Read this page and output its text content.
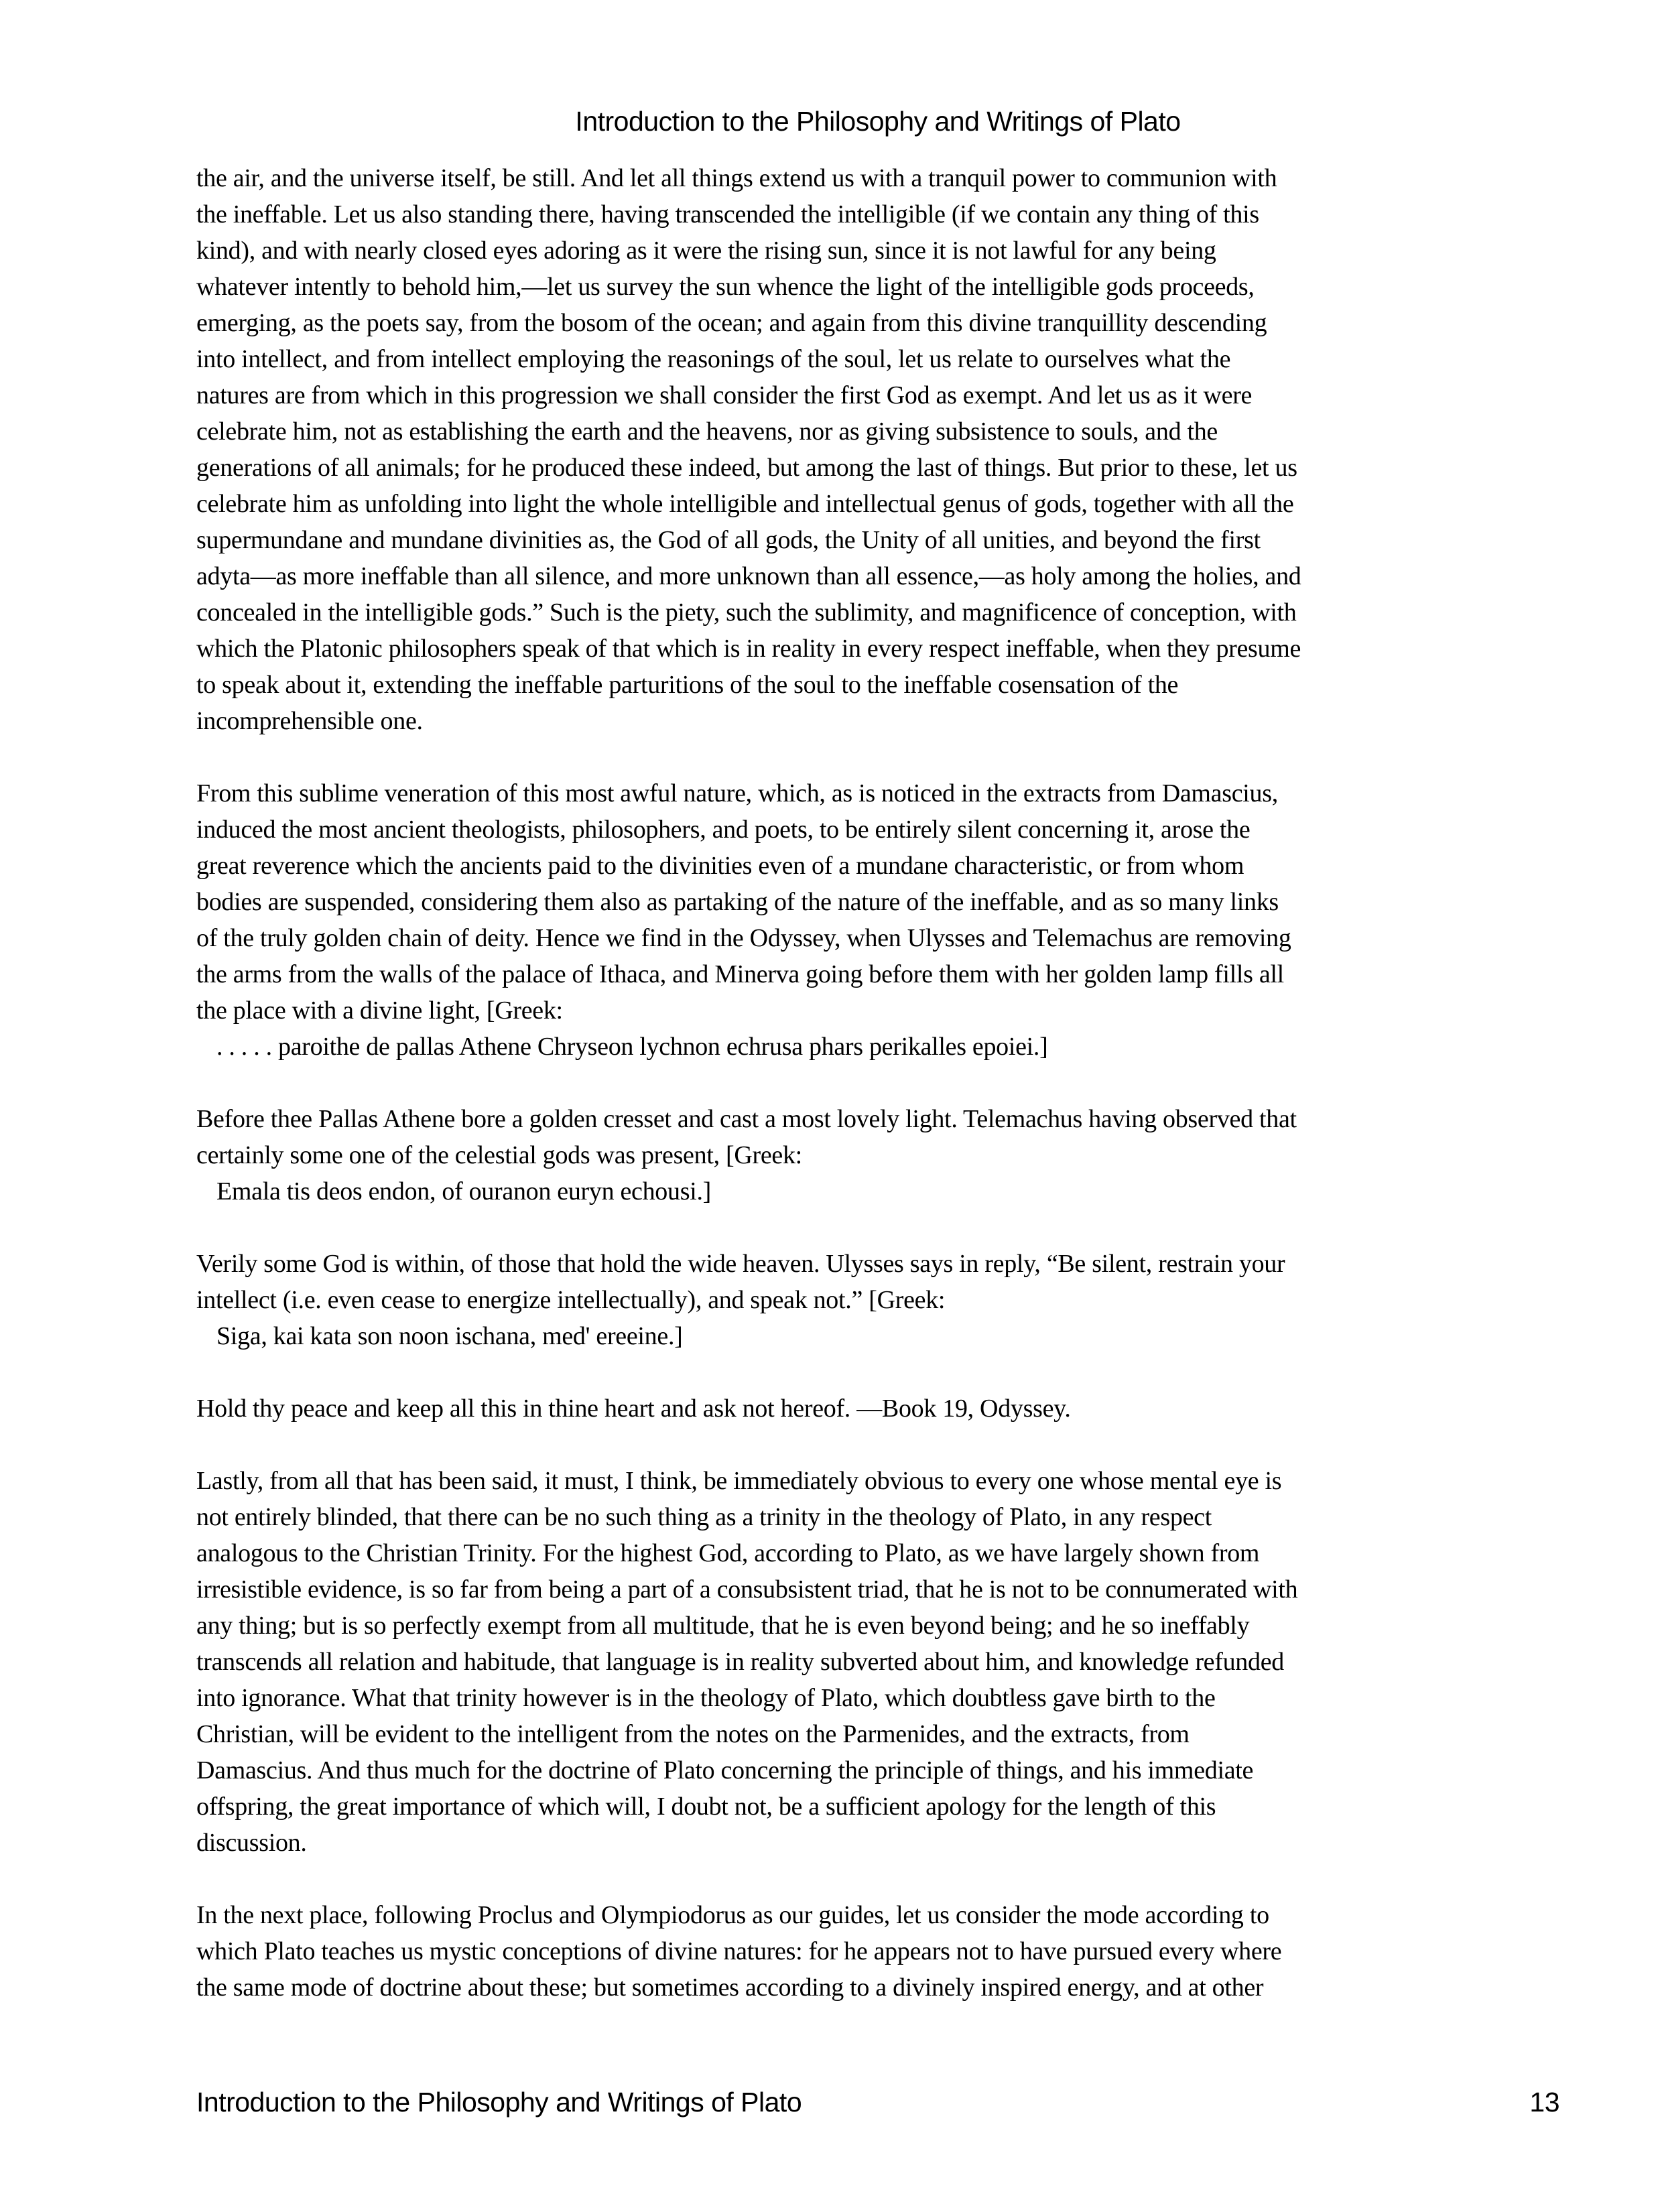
Introduction to the Philosophy and Writings of Plato

the air, and the universe itself, be still. And let all things extend us with a tranquil power to communion with
the ineffable. Let us also standing there, having transcended the intelligible (if we contain any thing of this
kind), and with nearly closed eyes adoring as it were the rising sun, since it is not lawful for any being
whatever intently to behold him,—let us survey the sun whence the light of the intelligible gods proceeds,
emerging, as the poets say, from the bosom of the ocean; and again from this divine tranquillity descending
into intellect, and from intellect employing the reasonings of the soul, let us relate to ourselves what the
natures are from which in this progression we shall consider the first God as exempt. And let us as it were
celebrate him, not as establishing the earth and the heavens, nor as giving subsistence to souls, and the
generations of all animals; for he produced these indeed, but among the last of things. But prior to these, let us
celebrate him as unfolding into light the whole intelligible and intellectual genus of gods, together with all the
supermundane and mundane divinities as, the God of all gods, the Unity of all unities, and beyond the first
adyta—as more ineffable than all silence, and more unknown than all essence,—as holy among the holies, and
concealed in the intelligible gods.” Such is the piety, such the sublimity, and magnificence of conception, with
which the Platonic philosophers speak of that which is in reality in every respect ineffable, when they presume
to speak about it, extending the ineffable parturitions of the soul to the ineffable cosensation of the
incomprehensible one.

From this sublime veneration of this most awful nature, which, as is noticed in the extracts from Damascius,
induced the most ancient theologists, philosophers, and poets, to be entirely silent concerning it, arose the
great reverence which the ancients paid to the divinities even of a mundane characteristic, or from whom
bodies are suspended, considering them also as partaking of the nature of the ineffable, and as so many links
of the truly golden chain of deity. Hence we find in the Odyssey, when Ulysses and Telemachus are removing
the arms from the walls of the palace of Ithaca, and Minerva going before them with her golden lamp fills all
the place with a divine light, [Greek:
. . . . . paroithe de pallas Athene Chryseon lychnon echrusa phars perikalles epoiei.]

Before thee Pallas Athene bore a golden cresset and cast a most lovely light. Telemachus having observed that
certainly some one of the celestial gods was present, [Greek:
Emala tis deos endon, of ouranon euryn echousi.]

Verily some God is within, of those that hold the wide heaven. Ulysses says in reply, “Be silent, restrain your
intellect (i.e. even cease to energize intellectually), and speak not.” [Greek:
Siga, kai kata son noon ischana, med' ereeine.]

Hold thy peace and keep all this in thine heart and ask not hereof. —Book 19, Odyssey.

Lastly, from all that has been said, it must, I think, be immediately obvious to every one whose mental eye is
not entirely blinded, that there can be no such thing as a trinity in the theology of Plato, in any respect
analogous to the Christian Trinity. For the highest God, according to Plato, as we have largely shown from
irresistible evidence, is so far from being a part of a consubsistent triad, that he is not to be connumerated with
any thing; but is so perfectly exempt from all multitude, that he is even beyond being; and he so ineffably
transcends all relation and habitude, that language is in reality subverted about him, and knowledge refunded
into ignorance. What that trinity however is in the theology of Plato, which doubtless gave birth to the
Christian, will be evident to the intelligent from the notes on the Parmenides, and the extracts, from
Damascius. And thus much for the doctrine of Plato concerning the principle of things, and his immediate
offspring, the great importance of which will, I doubt not, be a sufficient apology for the length of this
discussion.

In the next place, following Proclus and Olympiodorus as our guides, let us consider the mode according to
which Plato teaches us mystic conceptions of divine natures: for he appears not to have pursued every where
the same mode of doctrine about these; but sometimes according to a divinely inspired energy, and at other

Introduction to the Philosophy and Writings of Plato	13
